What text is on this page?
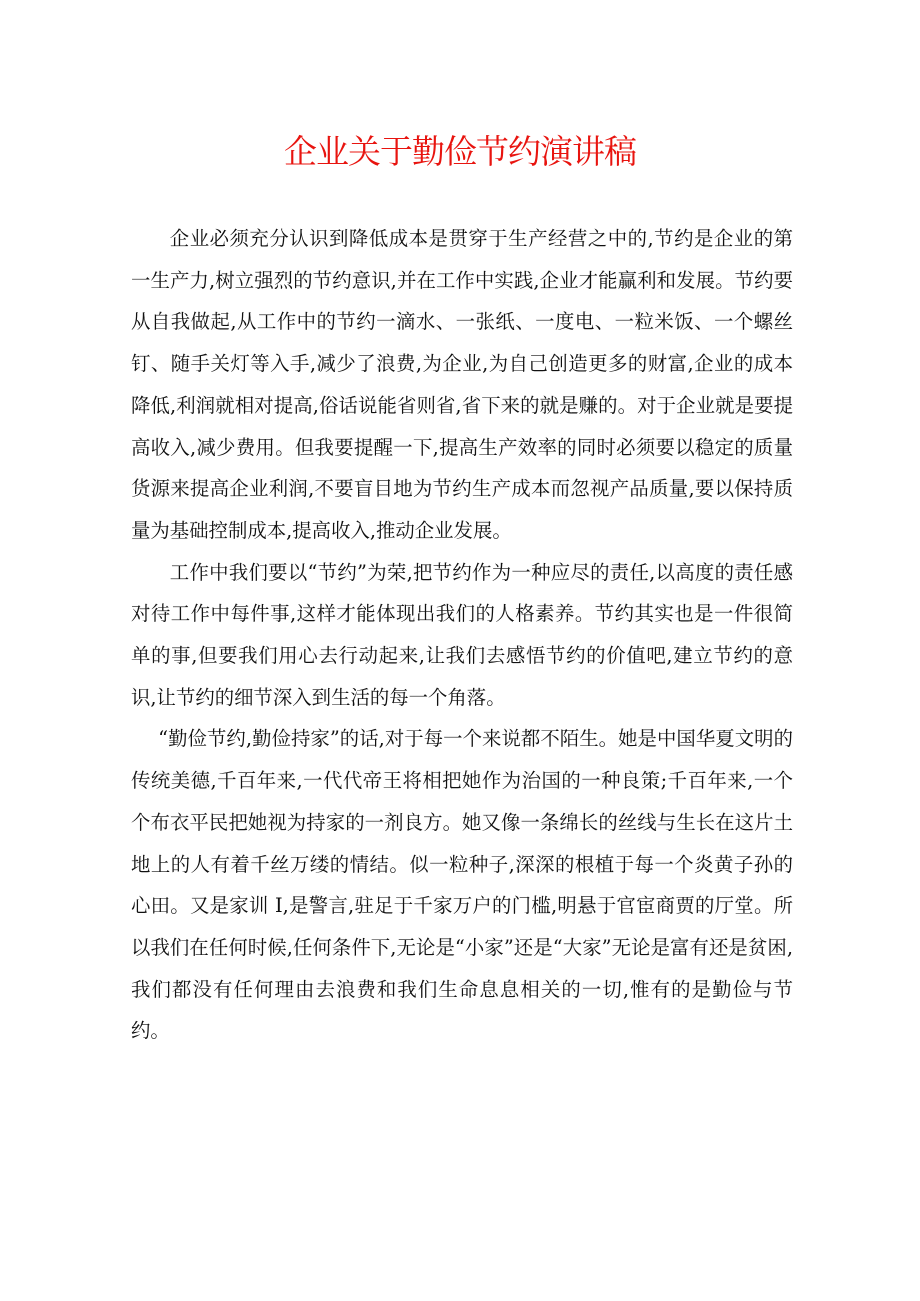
企业关于勤俭节约演讲稿

企业必须充分认识到降低成本是贯穿于生产经营之中的,节约是企业的第一生产力,树立强烈的节约意识,并在工作中实践,企业才能赢利和发展。节约要从自我做起,从工作中的节约一滴水、一张纸、一度电、一粒米饭、一个螺丝钉、随手关灯等入手,减少了浪费,为企业,为自己创造更多的财富,企业的成本降低,利润就相对提高,俗话说能省则省,省下来的就是赚的。对于企业就是要提高收入,减少费用。但我要提醒一下,提高生产效率的同时必须要以稳定的质量货源来提高企业利润,不要盲目地为节约生产成本而忽视产品质量,要以保持质量为基础控制成本,提高收入,推动企业发展。

工作中我们要以“节约”为荣,把节约作为一种应尽的责任,以高度的责任感对待工作中每件事,这样才能体现出我们的人格素养。节约其实也是一件很简单的事,但要我们用心去行动起来,让我们去感悟节约的价值吧,建立节约的意识,让节约的细节深入到生活的每一个角落。

“勤俭节约,勤俭持家”的话,对于每一个来说都不陌生。她是中国华夏文明的传统美德,千百年来,一代代帝王将相把她作为治国的一种良策;千百年来,一个个布衣平民把她视为持家的一剂良方。她又像一条绵长的丝线与生长在这片土地上的人有着千丝万缕的情结。似一粒种子,深深的根植于每一个炎黄子孙的心田。又是家训 I,是警言,驻足于千家万户的门槛,明悬于官宦商贾的厅堂。所以我们在任何时候,任何条件下,无论是“小家”还是“大家”无论是富有还是贫困,我们都没有任何理由去浪费和我们生命息息相关的一切,惟有的是勤俭与节约。
